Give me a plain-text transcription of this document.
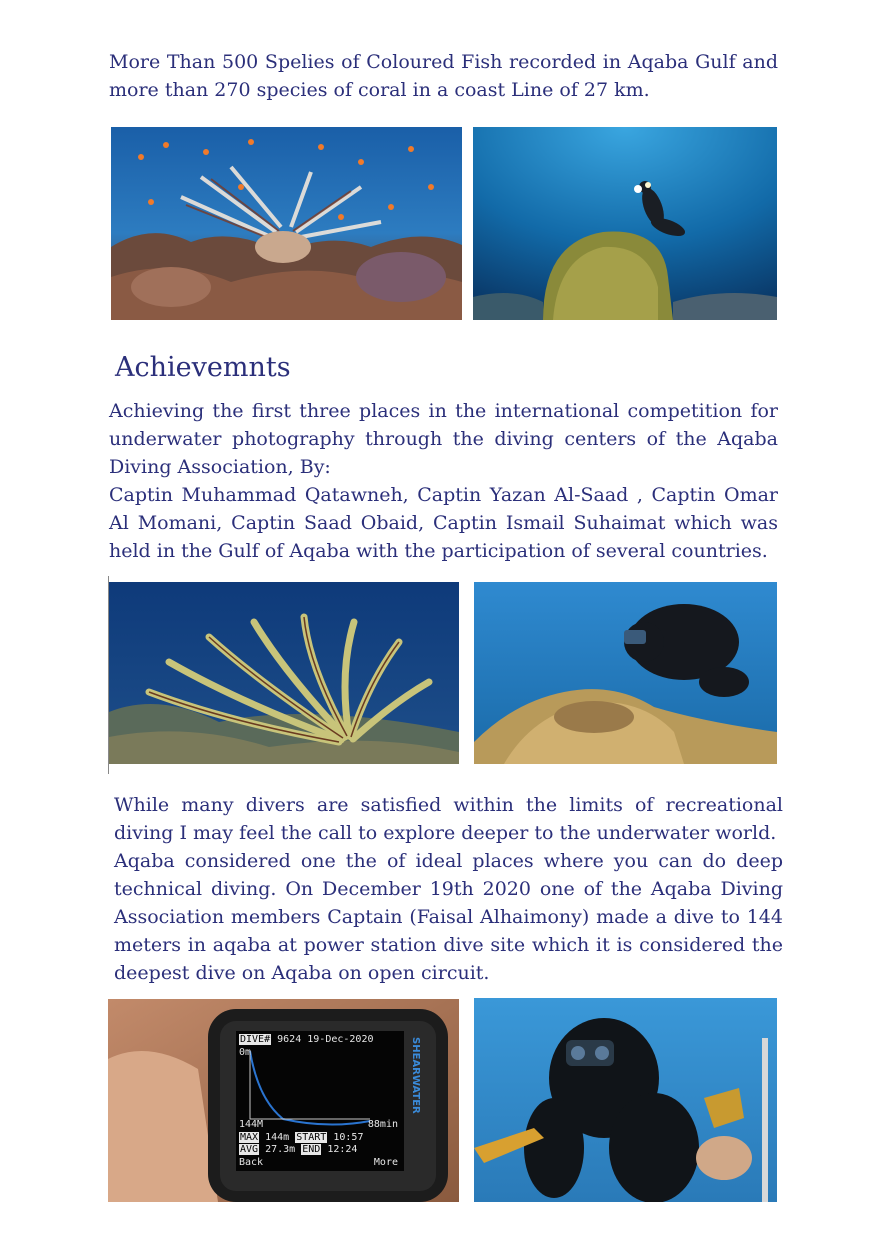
More Than 500 Spelies of Coloured Fish recorded in Aqaba Gulf and more than 270 species of coral in a coast Line of 27 km.

Achievemnts

Achieving the first three places in the international competition for underwater photography through the diving centers of the Aqaba Diving Association, By:

Captin Muhammad Qatawneh, Captin Yazan Al-Saad , Captin Omar Al Momani, Captin Saad Obaid, Captin Ismail Suhaimat which was held in the Gulf of Aqaba with the participation of several countries.

While many divers are satisfied within the limits of recreational diving I may feel the call to explore deeper to the underwater world.

Aqaba considered one the of ideal places where you can do deep technical diving. On December 19th 2020 one of the Aqaba Diving Association members Captain (Faisal Alhaimony) made a dive to 144 meters in aqaba at power station dive site which it is considered the deepest dive on Aqaba on open circuit.

DIVE# 9624 19-Dec-2020
0m
144M	88min
MAX 144m START 10:57
AVG 27.3m END 12:24
Back	More
SHEARWATER
